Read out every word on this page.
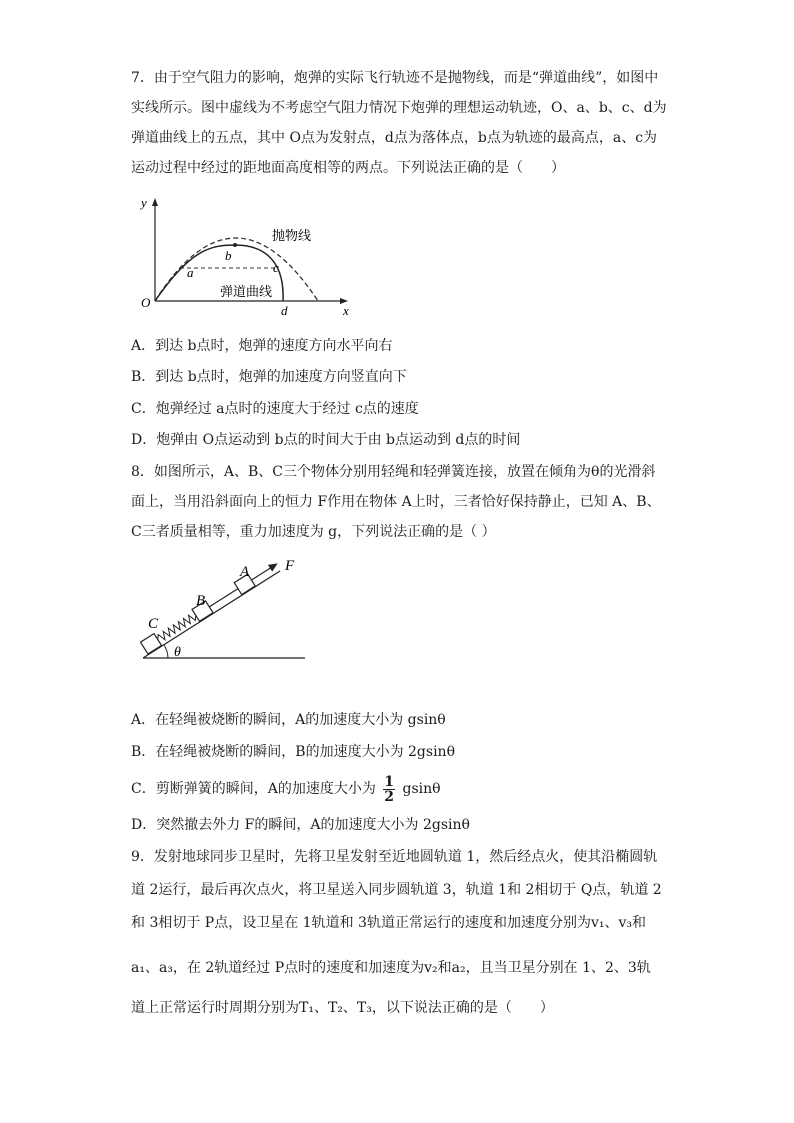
7．由于空气阻力的影响，炮弹的实际飞行轨迹不是抛物线，而是“弹道曲线”，如图中
实线所示。图中虚线为不考虑空气阻力情况下炮弹的理想运动轨迹，O、a、b、c、d为
弹道曲线上的五点，其中 O点为发射点，d点为落体点，b点为轨迹的最高点，a、c为
运动过程中经过的距地面高度相等的两点。下列说法正确的是（　　）
y
x
O
a
b
c
d
抛物线
弹道曲线
A．到达 b点时，炮弹的速度方向水平向右
B．到达 b点时，炮弹的加速度方向竖直向下
C．炮弹经过 a点时的速度大于经过 c点的速度
D．炮弹由 O点运动到 b点的时间大于由 b点运动到 d点的时间
8．如图所示，A、B、C三个物体分别用轻绳和轻弹簧连接，放置在倾角为θ的光滑斜
面上，当用沿斜面向上的恒力 F作用在物体 A上时，三者恰好保持静止，已知 A、B、
C三者质量相等，重力加速度为 g，下列说法正确的是（ ）
C
B
A F
θ
A．在轻绳被烧断的瞬间，A的加速度大小为 gsinθ
B．在轻绳被烧断的瞬间，B的加速度大小为 2gsinθ
C．剪断弹簧的瞬间，A的加速度大小为 $\frac{1}{2}$ gsinθ
D．突然撤去外力 F的瞬间，A的加速度大小为 2gsinθ
9．发射地球同步卫星时，先将卫星发射至近地圆轨道 1，然后经点火，使其沿椭圆轨
道 2运行，最后再次点火，将卫星送入同步圆轨道 3，轨道 1和 2相切于 Q点，轨道 2
和 3相切于 P点，设卫星在 1轨道和 3轨道正常运行的速度和加速度分别为v₁、v₃和
a₁、a₃，在 2轨道经过 P点时的速度和加速度为v₂和a₂，且当卫星分别在 1、2、3轨
道上正常运行时周期分别为T₁、T₂、T₃，以下说法正确的是（　　）
